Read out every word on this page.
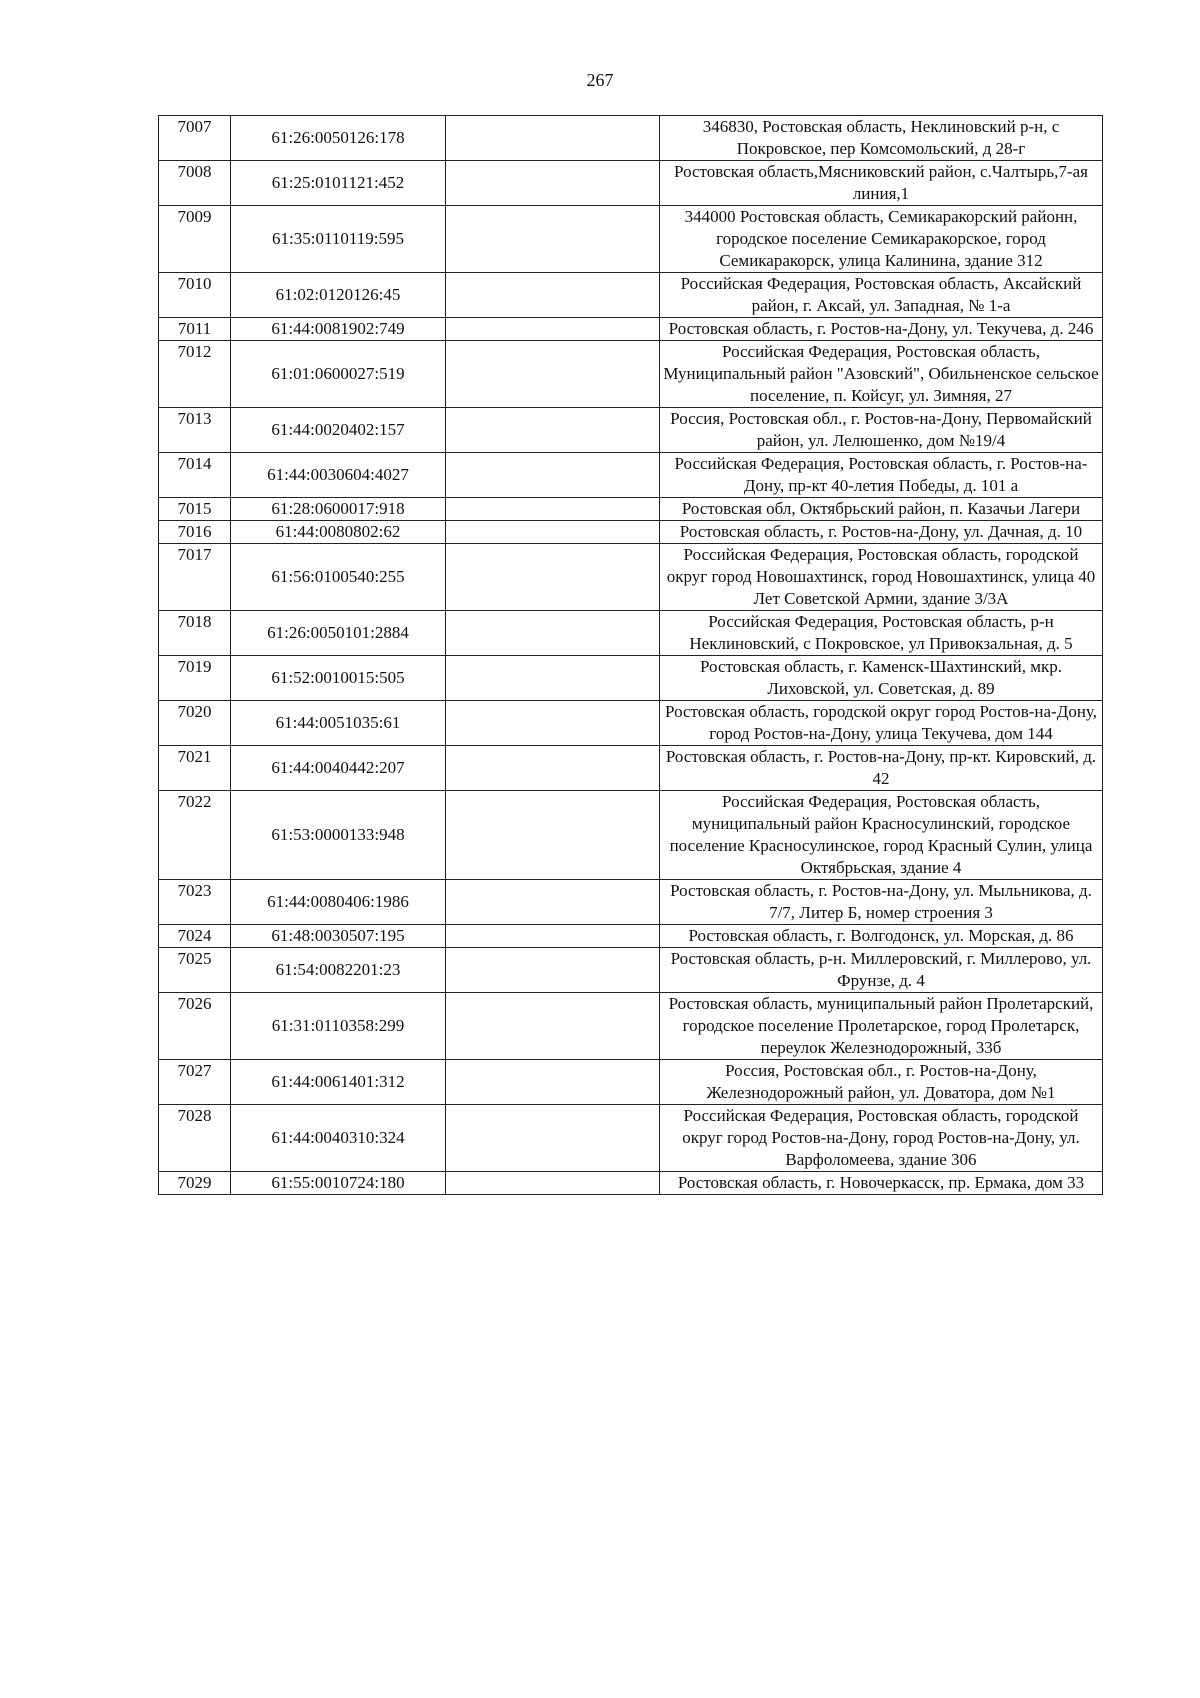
267
7007	61:26:0050126:178		346830, Ростовская область, Неклиновский р-н, с Покровское, пер Комсомольский, д 28-г
7008	61:25:0101121:452		Ростовская область,Мясниковский район, с.Чалтырь,7-ая линия,1
7009	61:35:0110119:595		344000 Ростовская область, Семикаракорский районн, городское поселение Семикаракорское, город Семикаракорск, улица Калинина, здание 312
7010	61:02:0120126:45		Российская Федерация, Ростовская область, Аксайский район, г. Аксай, ул. Западная, № 1-а
7011	61:44:0081902:749		Ростовская область, г. Ростов-на-Дону, ул. Текучева, д. 246
7012	61:01:0600027:519		Российская Федерация, Ростовская область, Муниципальный район "Азовский", Обильненское сельское поселение, п. Койсуг, ул. Зимняя, 27
7013	61:44:0020402:157		Россия, Ростовская обл., г. Ростов-на-Дону, Первомайский район, ул. Лелюшенко, дом №19/4
7014	61:44:0030604:4027		Российская Федерация, Ростовская область, г. Ростов-на-Дону, пр-кт 40-летия Победы, д. 101 а
7015	61:28:0600017:918		Ростовская обл, Октябрьский район, п. Казачьи Лагери
7016	61:44:0080802:62		Ростовская область, г. Ростов-на-Дону, ул. Дачная, д. 10
7017	61:56:0100540:255		Российская Федерация, Ростовская область, городской округ город Новошахтинск, город Новошахтинск, улица 40 Лет Советской Армии, здание 3/3А
7018	61:26:0050101:2884		Российская Федерация, Ростовская область, р-н Неклиновский, с Покровское, ул Привокзальная, д. 5
7019	61:52:0010015:505		Ростовская область, г. Каменск-Шахтинский, мкр. Лиховской, ул. Советская, д. 89
7020	61:44:0051035:61		Ростовская область, городской округ город Ростов-на-Дону, город Ростов-на-Дону, улица Текучева, дом 144
7021	61:44:0040442:207		Ростовская область, г. Ростов-на-Дону, пр-кт. Кировский, д. 42
7022	61:53:0000133:948		Российская Федерация, Ростовская область, муниципальный район Красносулинский, городское поселение Красносулинское, город Красный Сулин, улица Октябрьская, здание 4
7023	61:44:0080406:1986		Ростовская область, г. Ростов-на-Дону, ул. Мыльникова, д. 7/7, Литер Б, номер строения 3
7024	61:48:0030507:195		Ростовская область, г. Волгодонск, ул. Морская, д. 86
7025	61:54:0082201:23		Ростовская область, р-н. Миллеровский, г. Миллерово, ул. Фрунзе, д. 4
7026	61:31:0110358:299		Ростовская область, муниципальный район Пролетарский, городское поселение Пролетарское, город Пролетарск, переулок Железнодорожный, 33б
7027	61:44:0061401:312		Россия, Ростовская обл., г. Ростов-на-Дону, Железнодорожный район, ул. Доватора, дом №1
7028	61:44:0040310:324		Российская Федерация, Ростовская область, городской округ город Ростов-на-Дону, город Ростов-на-Дону, ул. Варфоломеева, здание 306
7029	61:55:0010724:180		Ростовская область, г. Новочеркасск, пр. Ермака, дом 33
